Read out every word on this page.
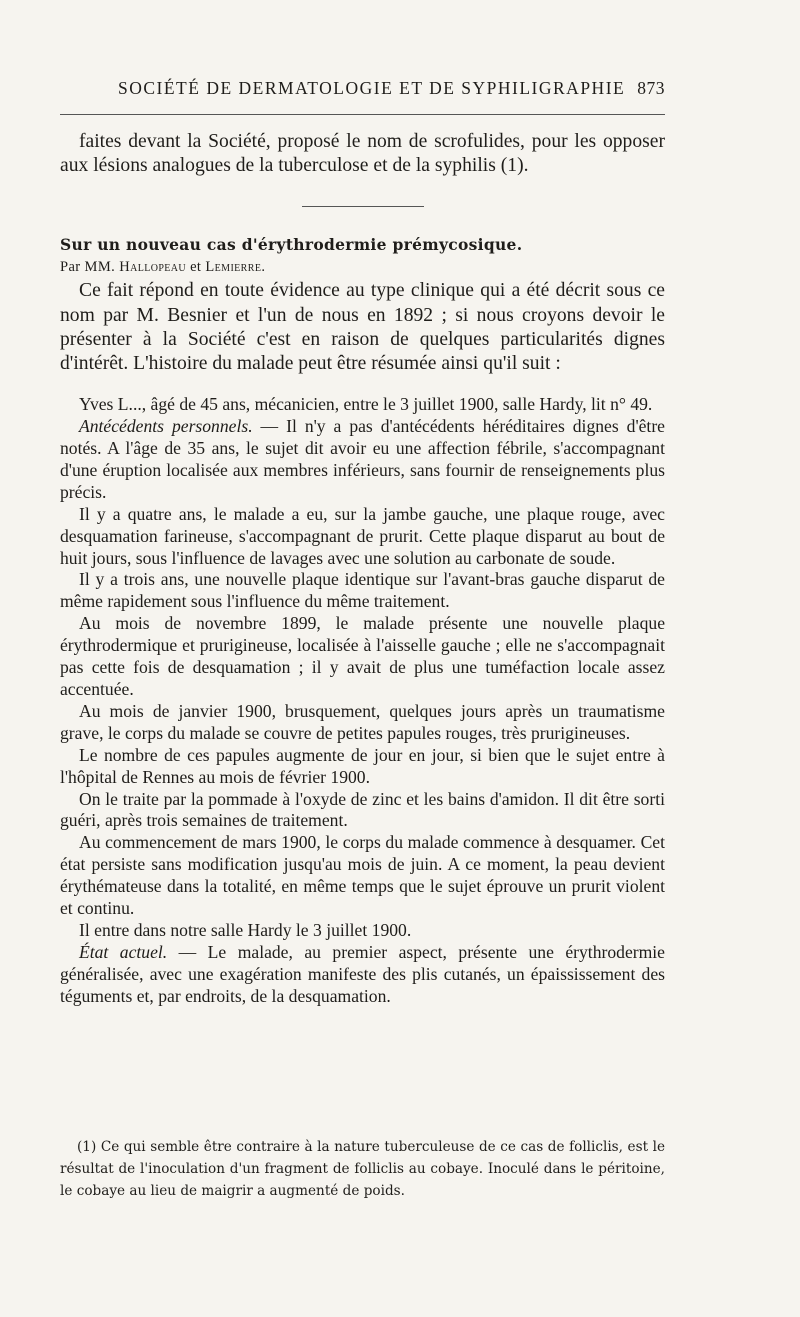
SOCIÉTÉ DE DERMATOLOGIE ET DE SYPHILIGRAPHIE 873

faites devant la Société, proposé le nom de scrofulides, pour les opposer aux lésions analogues de la tuberculose et de la syphilis (1).

Sur un nouveau cas d'érythrodermie prémycosique.

Par MM. Hallopeau et Lemierre.

Ce fait répond en toute évidence au type clinique qui a été décrit sous ce nom par M. Besnier et l'un de nous en 1892 ; si nous croyons devoir le présenter à la Société c'est en raison de quelques particularités dignes d'intérêt. L'histoire du malade peut être résumée ainsi qu'il suit :

Yves L..., âgé de 45 ans, mécanicien, entre le 3 juillet 1900, salle Hardy, lit n° 49.

Antécédents personnels. — Il n'y a pas d'antécédents héréditaires dignes d'être notés. A l'âge de 35 ans, le sujet dit avoir eu une affection fébrile, s'accompagnant d'une éruption localisée aux membres inférieurs, sans fournir de renseignements plus précis.

Il y a quatre ans, le malade a eu, sur la jambe gauche, une plaque rouge, avec desquamation farineuse, s'accompagnant de prurit. Cette plaque disparut au bout de huit jours, sous l'influence de lavages avec une solution au carbonate de soude.

Il y a trois ans, une nouvelle plaque identique sur l'avant-bras gauche disparut de même rapidement sous l'influence du même traitement.

Au mois de novembre 1899, le malade présente une nouvelle plaque érythrodermique et prurigineuse, localisée à l'aisselle gauche ; elle ne s'accompagnait pas cette fois de desquamation ; il y avait de plus une tuméfaction locale assez accentuée.

Au mois de janvier 1900, brusquement, quelques jours après un traumatisme grave, le corps du malade se couvre de petites papules rouges, très prurigineuses.

Le nombre de ces papules augmente de jour en jour, si bien que le sujet entre à l'hôpital de Rennes au mois de février 1900.

On le traite par la pommade à l'oxyde de zinc et les bains d'amidon. Il dit être sorti guéri, après trois semaines de traitement.

Au commencement de mars 1900, le corps du malade commence à desquamer. Cet état persiste sans modification jusqu'au mois de juin. A ce moment, la peau devient érythémateuse dans la totalité, en même temps que le sujet éprouve un prurit violent et continu.

Il entre dans notre salle Hardy le 3 juillet 1900.

État actuel. — Le malade, au premier aspect, présente une érythrodermie généralisée, avec une exagération manifeste des plis cutanés, un épaississement des téguments et, par endroits, de la desquamation.

(1) Ce qui semble être contraire à la nature tuberculeuse de ce cas de folliclis, est le résultat de l'inoculation d'un fragment de folliclis au cobaye. Inoculé dans le péritoine, le cobaye au lieu de maigrir a augmenté de poids.
